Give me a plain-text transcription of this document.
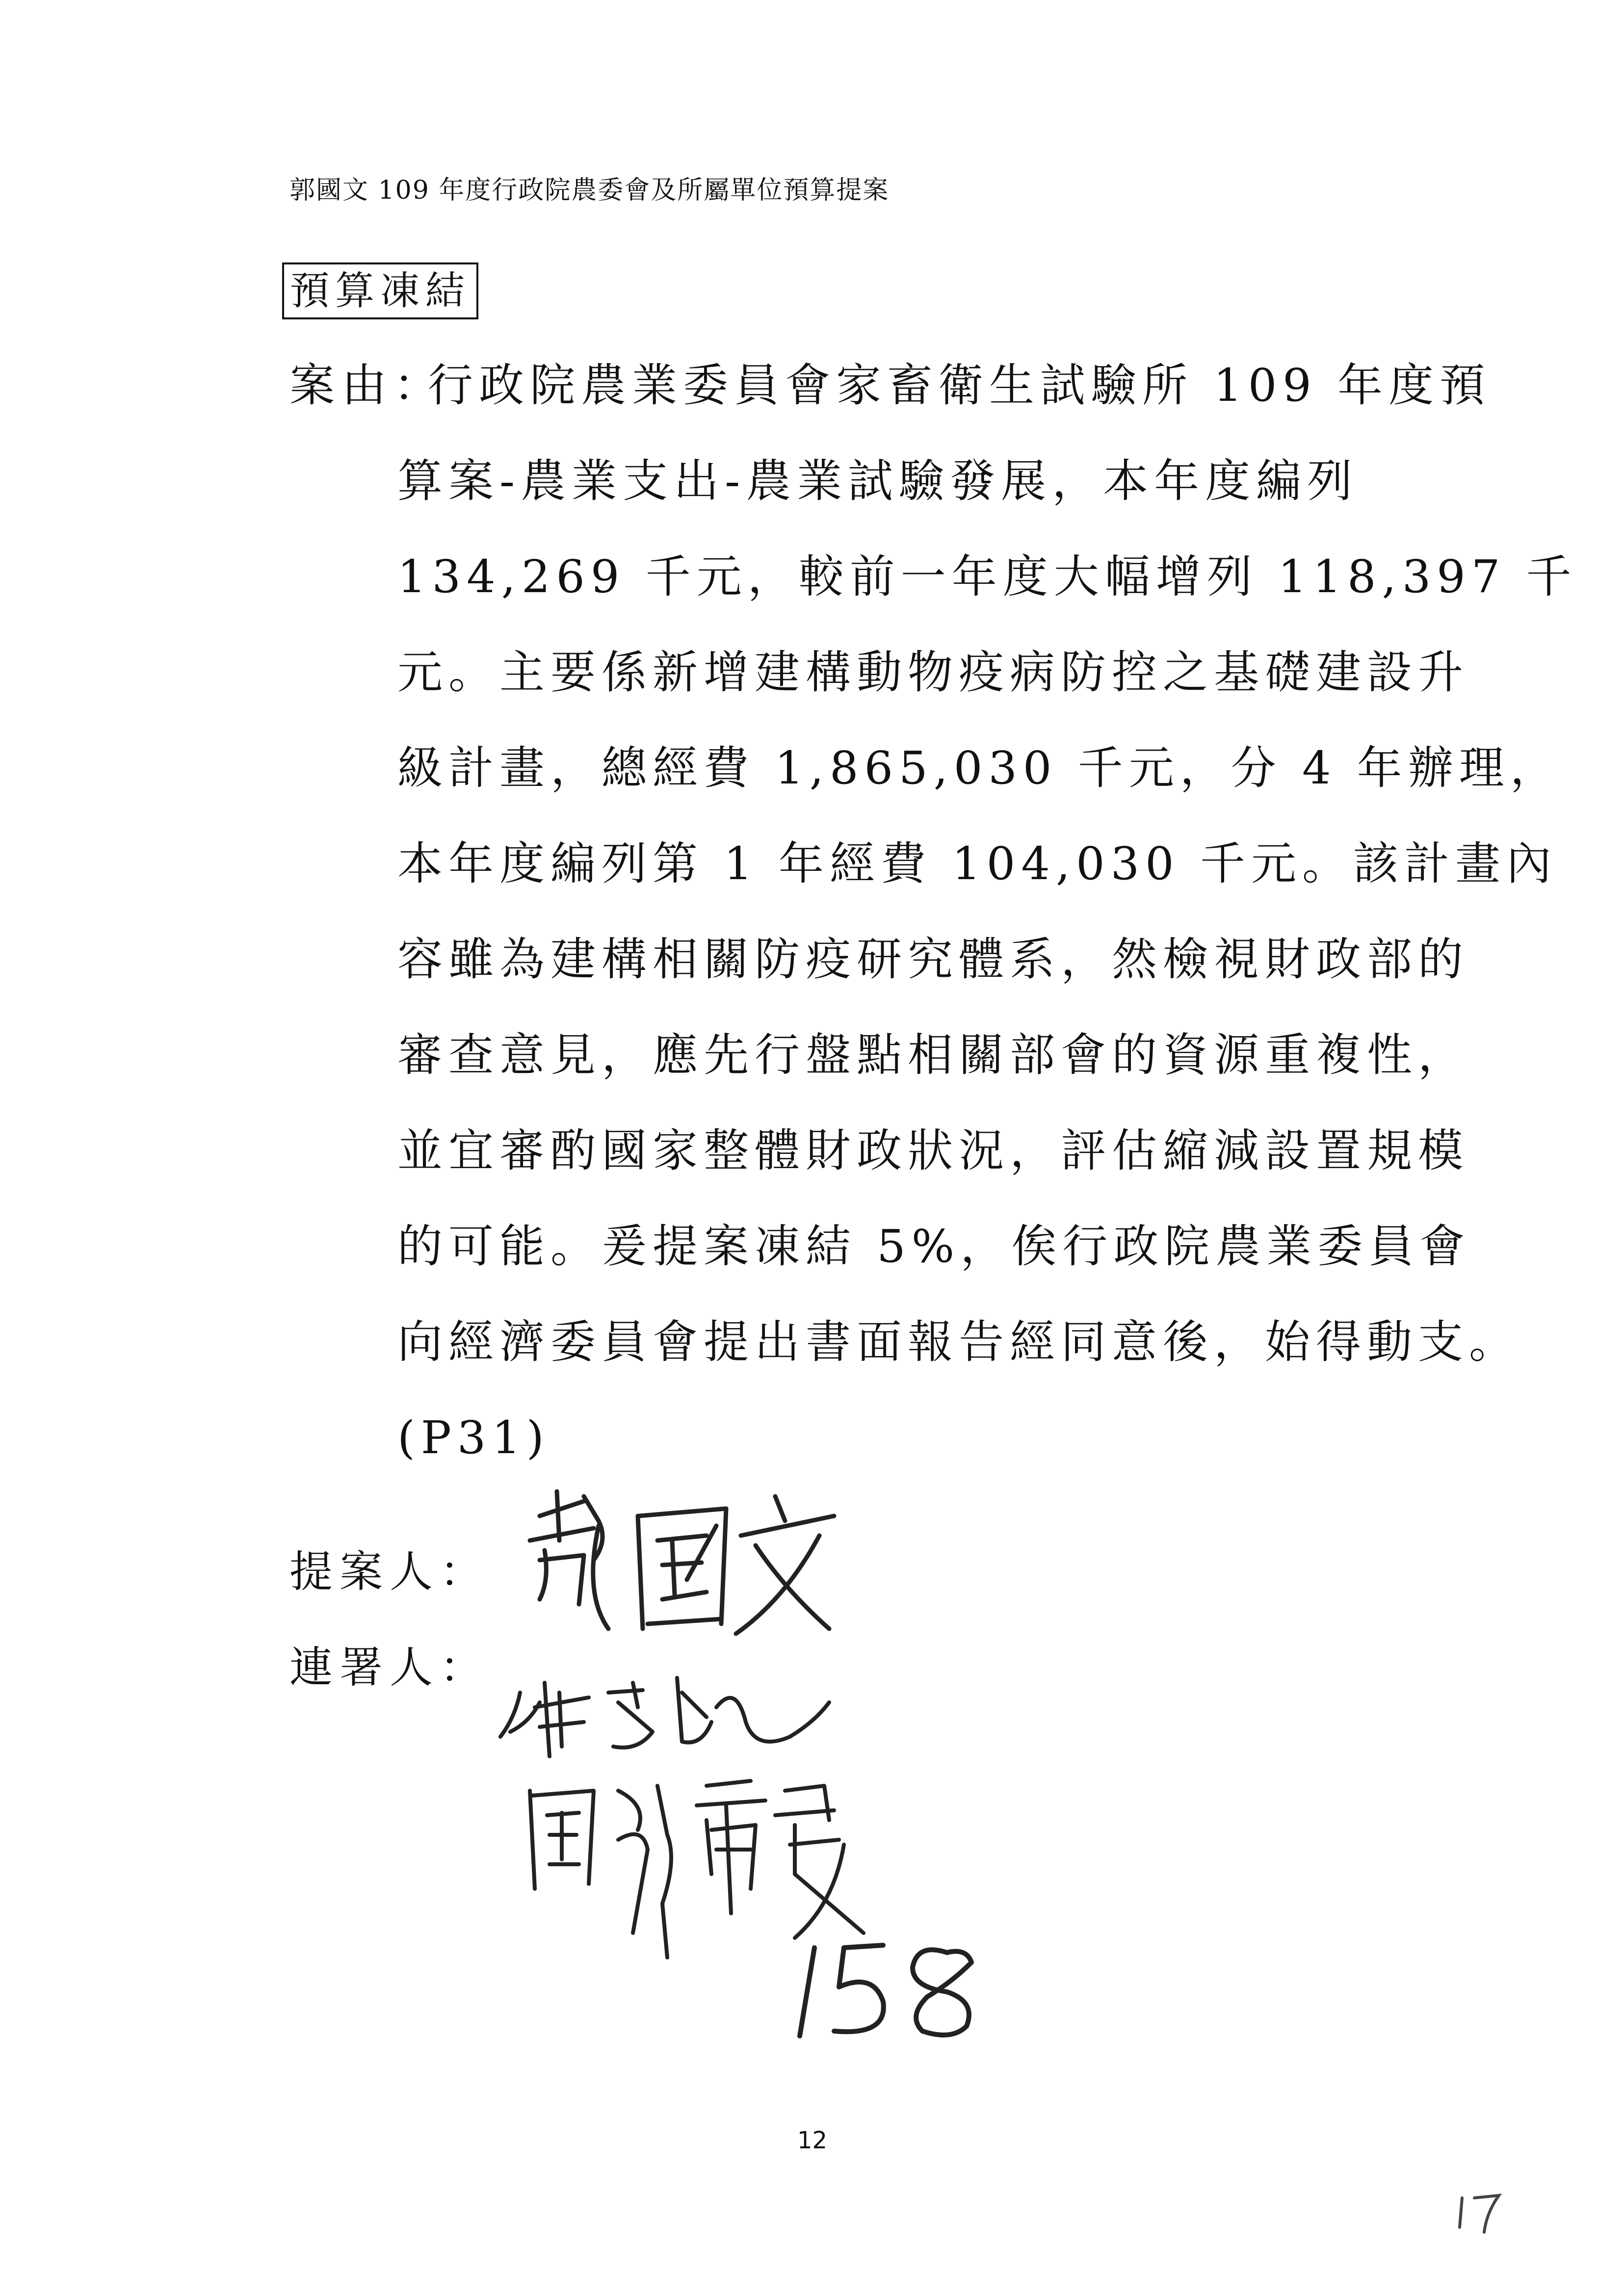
郭國文 109 年度行政院農委會及所屬單位預算提案
預算凍結
案由：
行政院農業委員會家畜衛生試驗所 109 年度預
算案-農業支出-農業試驗發展，本年度編列
134,269 千元，較前一年度大幅增列 118,397 千
元。主要係新增建構動物疫病防控之基礎建設升
級計畫，總經費 1,865,030 千元，分 4 年辦理，
本年度編列第 1 年經費 104,030 千元。該計畫內
容雖為建構相關防疫研究體系，然檢視財政部的
審查意見，應先行盤點相關部會的資源重複性，
並宜審酌國家整體財政狀況，評估縮減設置規模
的可能。爰提案凍結 5%，俟行政院農業委員會
向經濟委員會提出書面報告經同意後，始得動支。
(P31)
提案人：
連署人：
12
